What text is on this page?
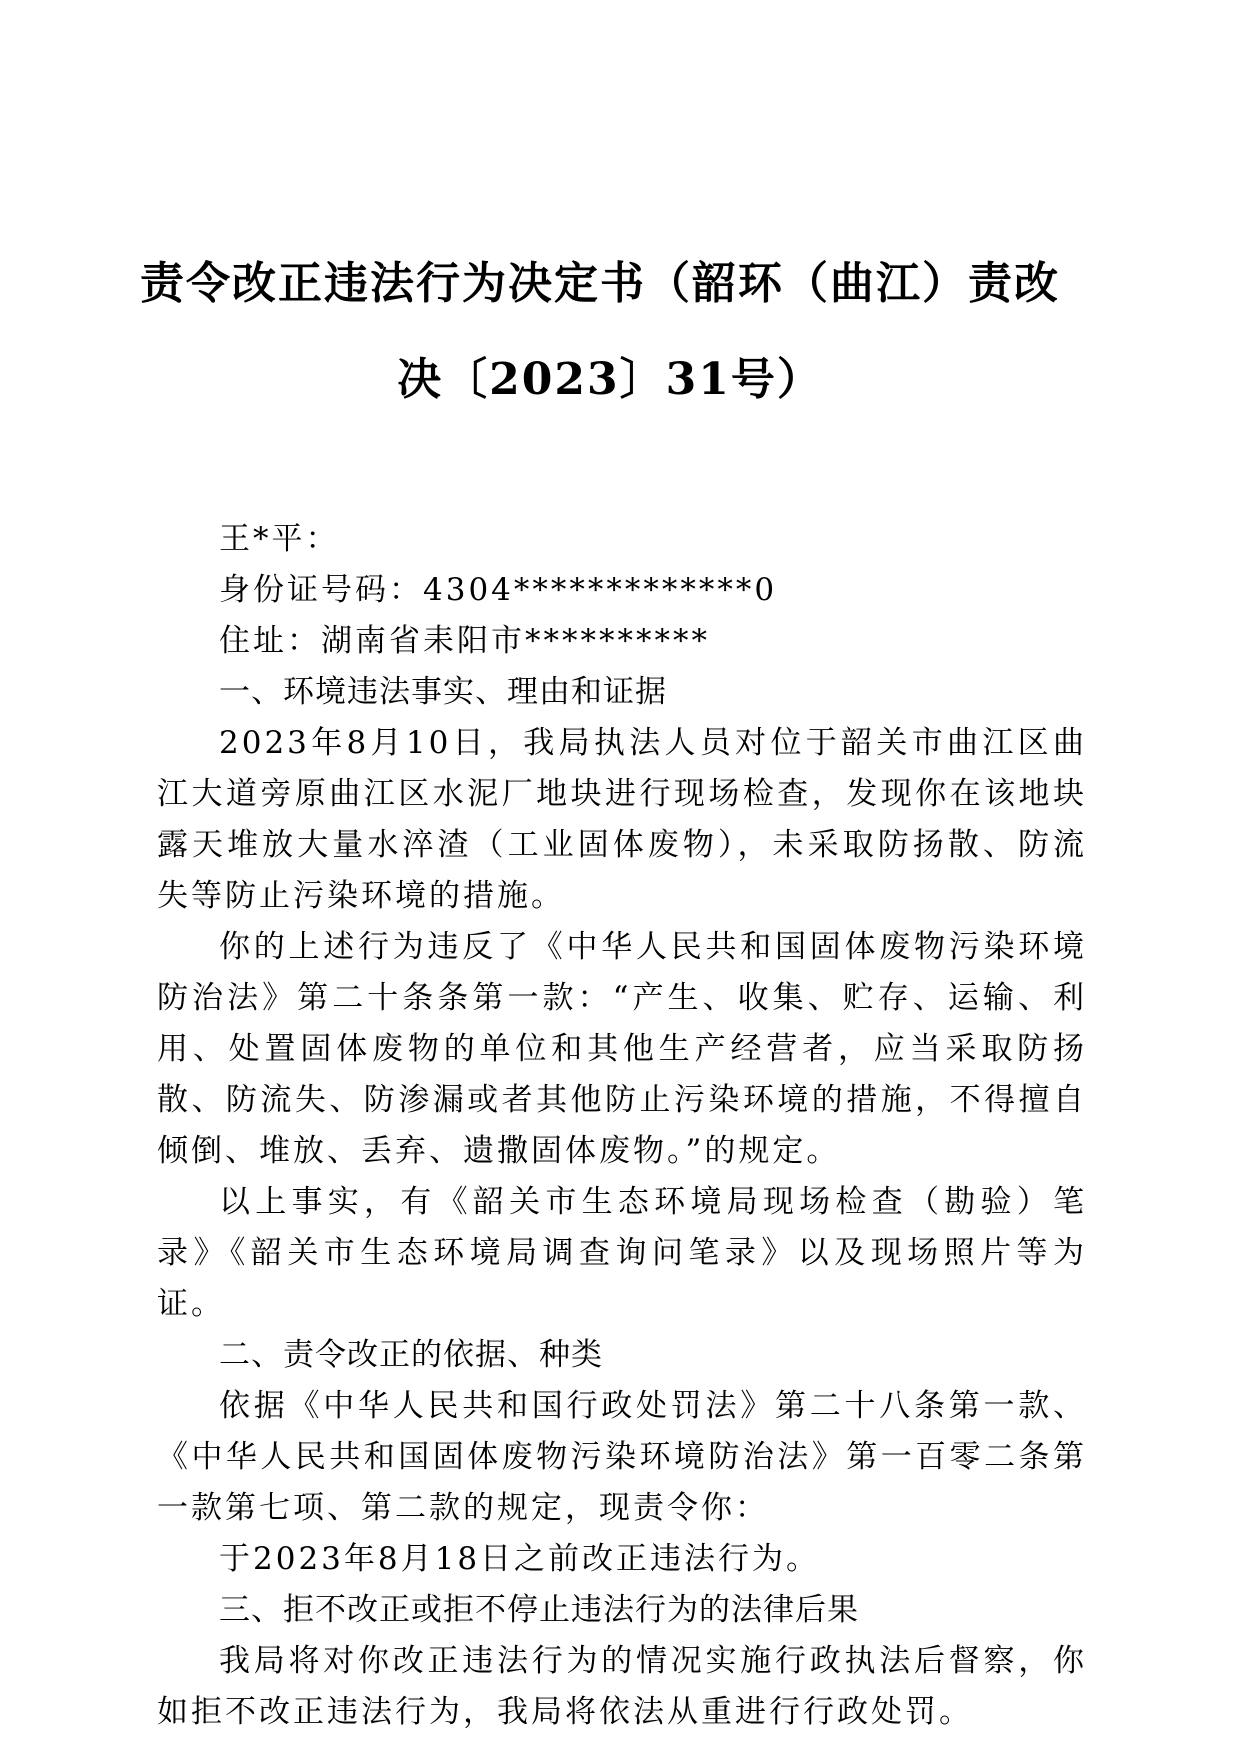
责令改正违法行为决定书（韶环（曲江）责改
决〔2023〕31号）

王*平：

身份证号码：4304*************0

住址：湖南省耒阳市**********

一、环境违法事实、理由和证据

2023年8月10日，我局执法人员对位于韶关市曲江区曲江大道旁原曲江区水泥厂地块进行现场检查，发现你在该地块露天堆放大量水淬渣（工业固体废物），未采取防扬散、防流失等防止污染环境的措施。

你的上述行为违反了《中华人民共和国固体废物污染环境防治法》第二十条条第一款：“产生、收集、贮存、运输、利用、处置固体废物的单位和其他生产经营者，应当采取防扬散、防流失、防渗漏或者其他防止污染环境的措施，不得擅自倾倒、堆放、丢弃、遗撒固体废物。”的规定。

以上事实，有《韶关市生态环境局现场检查（勘验）笔录》《韶关市生态环境局调查询问笔录》以及现场照片等为证。

二、责令改正的依据、种类

依据《中华人民共和国行政处罚法》第二十八条第一款、《中华人民共和国固体废物污染环境防治法》第一百零二条第一款第七项、第二款的规定，现责令你：

于2023年8月18日之前改正违法行为。

三、拒不改正或拒不停止违法行为的法律后果

我局将对你改正违法行为的情况实施行政执法后督察，你如拒不改正违法行为，我局将依法从重进行行政处罚。
